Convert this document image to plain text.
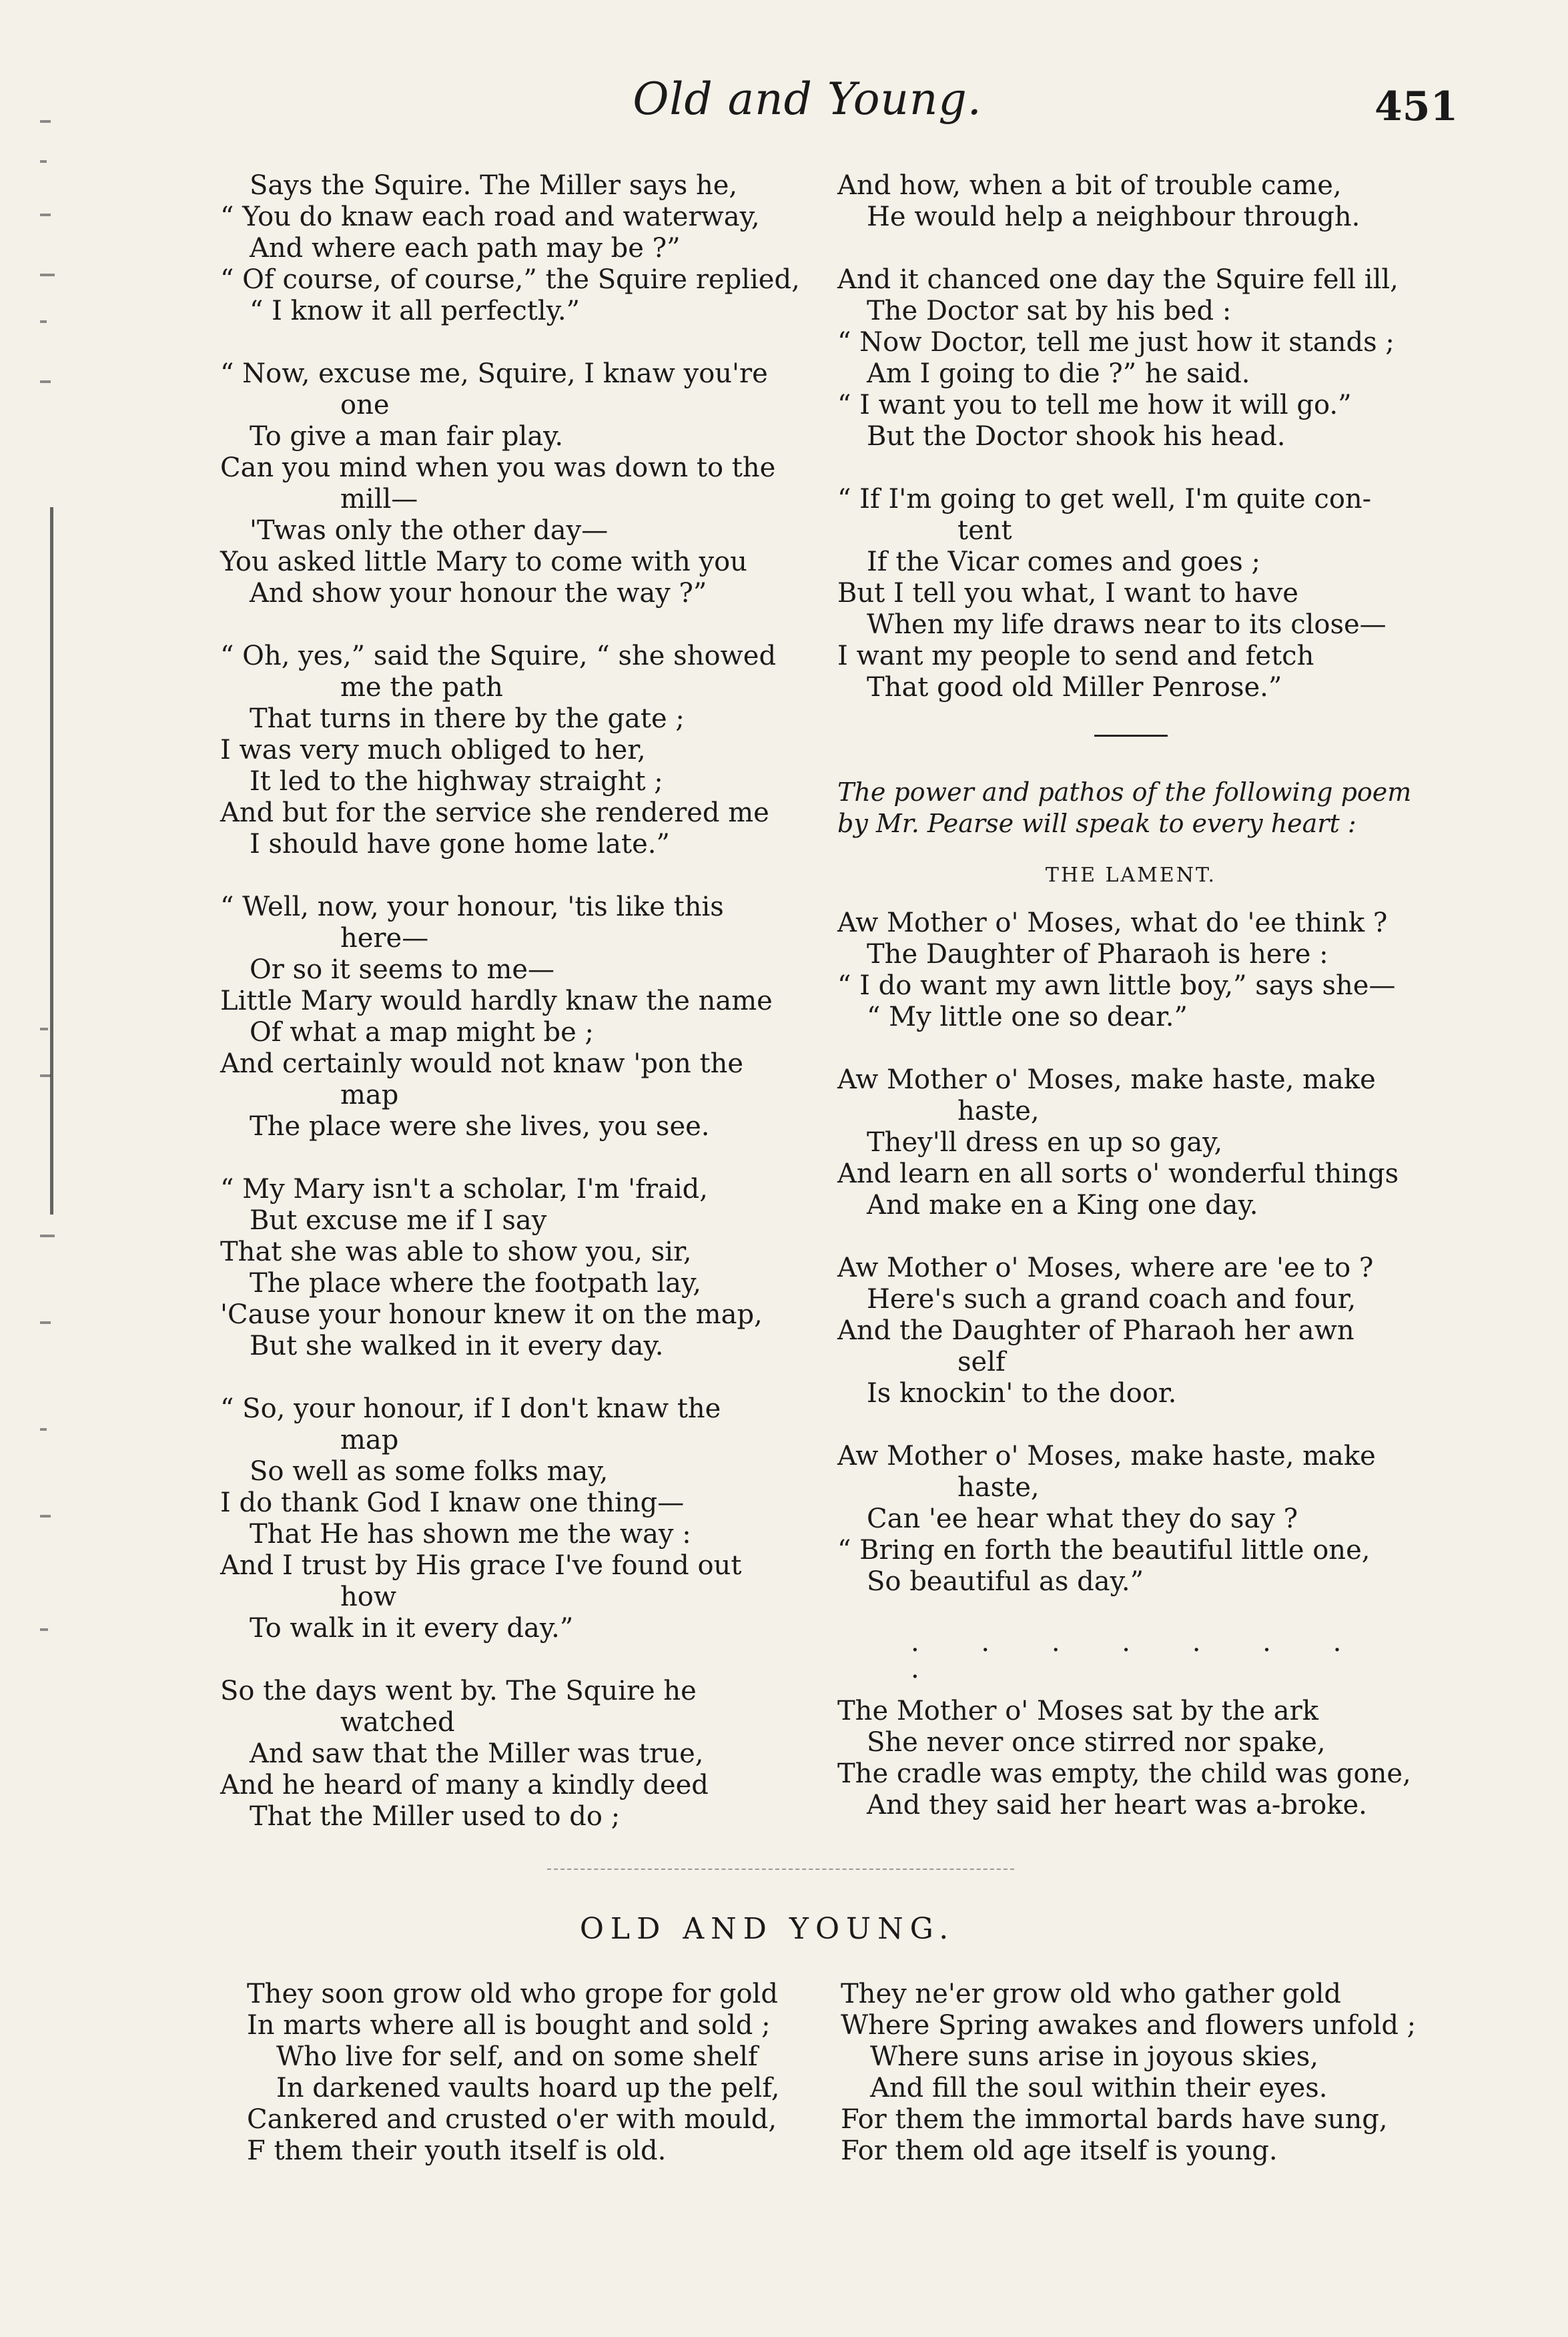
Old and Young.	451
Says the Squire. The Miller says he,
“ You do knaw each road and waterway,
And where each path may be ?”
“ Of course, of course,” the Squire replied,
“ I know it all perfectly.”
“ Now, excuse me, Squire, I knaw you're
one
To give a man fair play.
Can you mind when you was down to the
mill—
'Twas only the other day—
You asked little Mary to come with you
And show your honour the way ?”
“ Oh, yes,” said the Squire, “ she showed
me the path
That turns in there by the gate ;
I was very much obliged to her,
It led to the highway straight ;
And but for the service she rendered me
I should have gone home late.”
“ Well, now, your honour, 'tis like this
here—
Or so it seems to me—
Little Mary would hardly knaw the name
Of what a map might be ;
And certainly would not knaw 'pon the
map
The place were she lives, you see.
“ My Mary isn't a scholar, I'm 'fraid,
But excuse me if I say
That she was able to show you, sir,
The place where the footpath lay,
'Cause your honour knew it on the map,
But she walked in it every day.
“ So, your honour, if I don't knaw the
map
So well as some folks may,
I do thank God I knaw one thing—
That He has shown me the way :
And I trust by His grace I've found out
how
To walk in it every day.”
So the days went by. The Squire he
watched
And saw that the Miller was true,
And he heard of many a kindly deed
That the Miller used to do ;
And how, when a bit of trouble came,
He would help a neighbour through.
And it chanced one day the Squire fell ill,
The Doctor sat by his bed :
“ Now Doctor, tell me just how it stands ;
Am I going to die ?” he said.
“ I want you to tell me how it will go.”
But the Doctor shook his head.
“ If I'm going to get well, I'm quite con-
tent
If the Vicar comes and goes ;
But I tell you what, I want to have
When my life draws near to its close—
I want my people to send and fetch
That good old Miller Penrose.”
The power and pathos of the following poem by Mr. Pearse will speak to every heart :
THE LAMENT.
Aw Mother o' Moses, what do 'ee think ?
The Daughter of Pharaoh is here :
“ I do want my awn little boy,” says she—
“ My little one so dear.”
Aw Mother o' Moses, make haste, make
haste,
They'll dress en up so gay,
And learn en all sorts o' wonderful things
And make en a King one day.
Aw Mother o' Moses, where are 'ee to ?
Here's such a grand coach and four,
And the Daughter of Pharaoh her awn
self
Is knockin' to the door.
Aw Mother o' Moses, make haste, make
haste,
Can 'ee hear what they do say ?
“ Bring en forth the beautiful little one,
So beautiful as day.”
. . . . . . . .
The Mother o' Moses sat by the ark
She never once stirred nor spake,
The cradle was empty, the child was gone,
And they said her heart was a-broke.
OLD AND YOUNG.
They soon grow old who grope for gold
In marts where all is bought and sold ;
Who live for self, and on some shelf
In darkened vaults hoard up the pelf,
Cankered and crusted o'er with mould,
F them their youth itself is old.
They ne'er grow old who gather gold
Where Spring awakes and flowers unfold ;
Where suns arise in joyous skies,
And fill the soul within their eyes.
For them the immortal bards have sung,
For them old age itself is young.
